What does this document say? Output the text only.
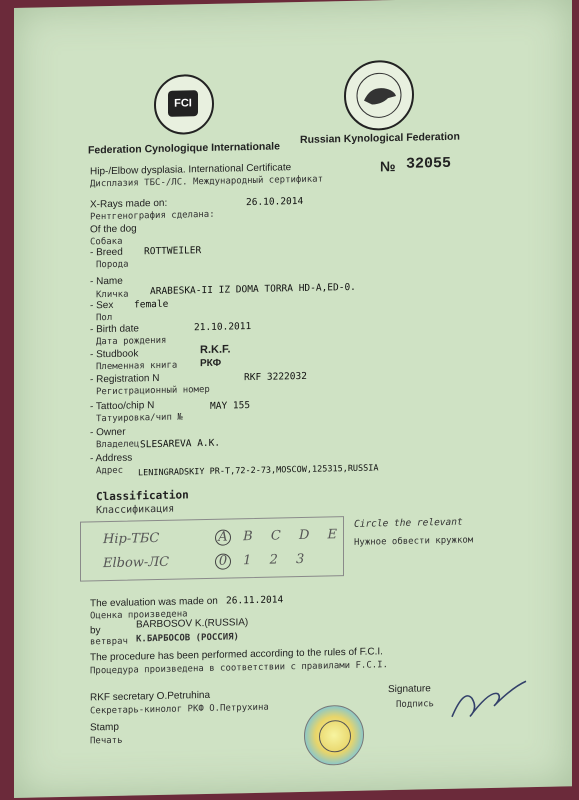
FCI
Federation Cynologique Internationale
Russian Kynological Federation
Hip-/Elbow dysplasia. International Certificate
Дисплазия ТБС-/ЛС. Международный сертификат
№ 32055
X-Rays made on:
Рентгенография сделана:
26.10.2014
Of the dog
Собака
- Breed
Порода
ROTTWEILER
- Name
Кличка ARABESKA-II IZ DOMA TORRA HD-A,ED-0.
- Sex
Пол
female
- Birth date
Дата рождения
21.10.2011
- Studbook
Племенная книга
R.K.F.
РКФ
- Registration N
Регистрационный номер
RKF 3222032
- Tattoo/chip N
Татуировка/чип №
MAY 155
- Owner
Владелец SLESAREVA A.K.
- Address
Адрес LENINGRADSKIY PR-T,72-2-73,MOSCOW,125315,RUSSIA
Classification
Классификация
Hip-ТБС	A B C D E
Elbow-ЛС	0 1 2 3
Circle the relevant
Нужное обвести кружком
The evaluation was made on 26.11.2014
Оценка произведена
by
BARBOSOV K.(RUSSIA)
ветврач К.БАРБОСОВ (РОССИЯ)
The procedure has been performed according to the rules of F.C.I.
Процедура произведена в соответствии с правилами F.C.I.
RKF secretary O.Petruhina
Секретарь-кинолог РКФ О.Петрухина
Stamp
Печать
Signature
Подпись
